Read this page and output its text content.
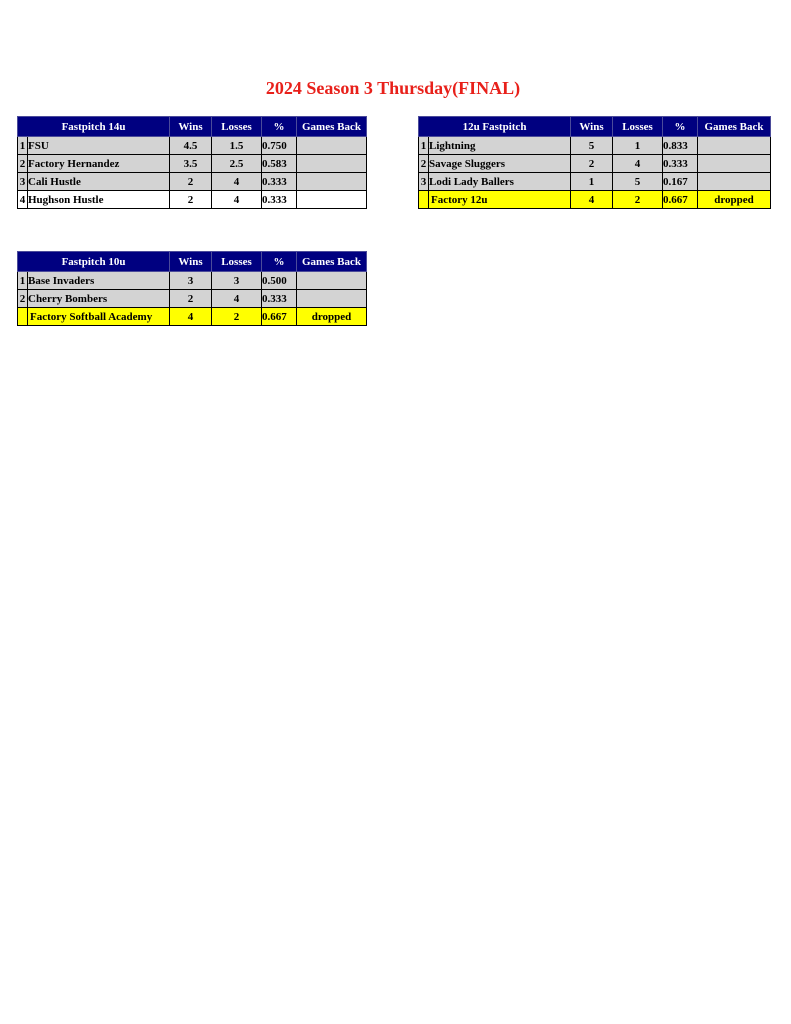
2024 Season 3 Thursday(FINAL)
Fastpitch 14u		Wins	Losses	%	Games Back
1	FSU	4.5	1.5	0.750	
2	Factory Hernandez	3.5	2.5	0.583	
3	Cali Hustle	2	4	0.333	
4	Hughson Hustle	2	4	0.333	
12u Fastpitch		Wins	Losses	%	Games Back
1	Lightning	5	1	0.833	
2	Savage Sluggers	2	4	0.333	
3	Lodi Lady Ballers	1	5	0.167	
	Factory 12u	4	2	0.667	dropped
Fastpitch 10u		Wins	Losses	%	Games Back
1	Base Invaders	3	3	0.500	
2	Cherry Bombers	2	4	0.333	
	Factory Softball Academy	4	2	0.667	dropped
